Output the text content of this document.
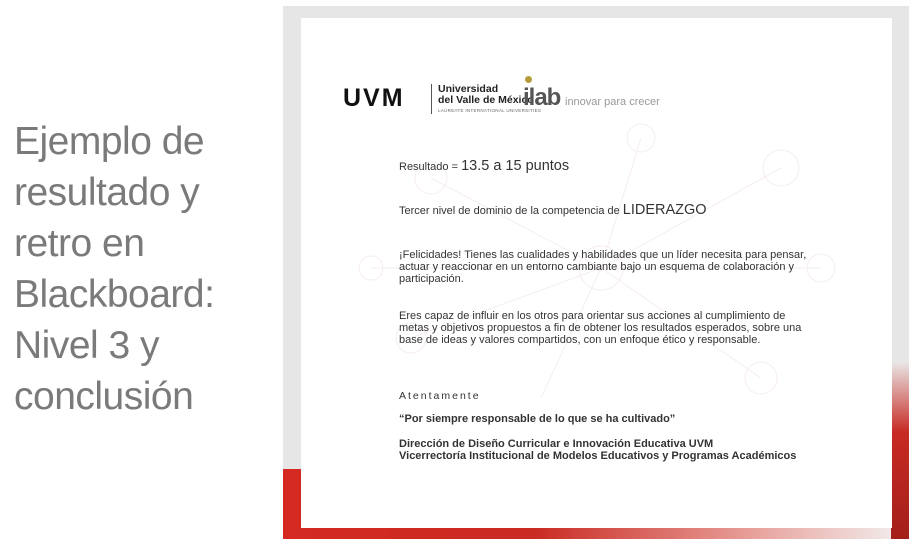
Ejemplo de resultado y retro en Blackboard: Nivel 3 y conclusión
UVM	Universidad
del Valle de México
LAUREATE INTERNATIONAL UNIVERSITIES
ilab innovar para crecer
Resultado = 13.5 a 15 puntos
Tercer nivel de dominio de la competencia de LIDERAZGO
¡Felicidades! Tienes las cualidades y habilidades que un líder necesita para pensar, actuar y reaccionar en un entorno cambiante bajo un esquema de colaboración y participación.
Eres capaz de influir en los otros para orientar sus acciones al cumplimiento de metas y objetivos propuestos a fin de obtener los resultados esperados, sobre una base de ideas y valores compartidos, con un enfoque ético y responsable.
Atentamente
“Por siempre responsable de lo que se ha cultivado”
Dirección de Diseño Curricular e Innovación Educativa UVM
Vicerrectoría Institucional de Modelos Educativos y Programas Académicos
